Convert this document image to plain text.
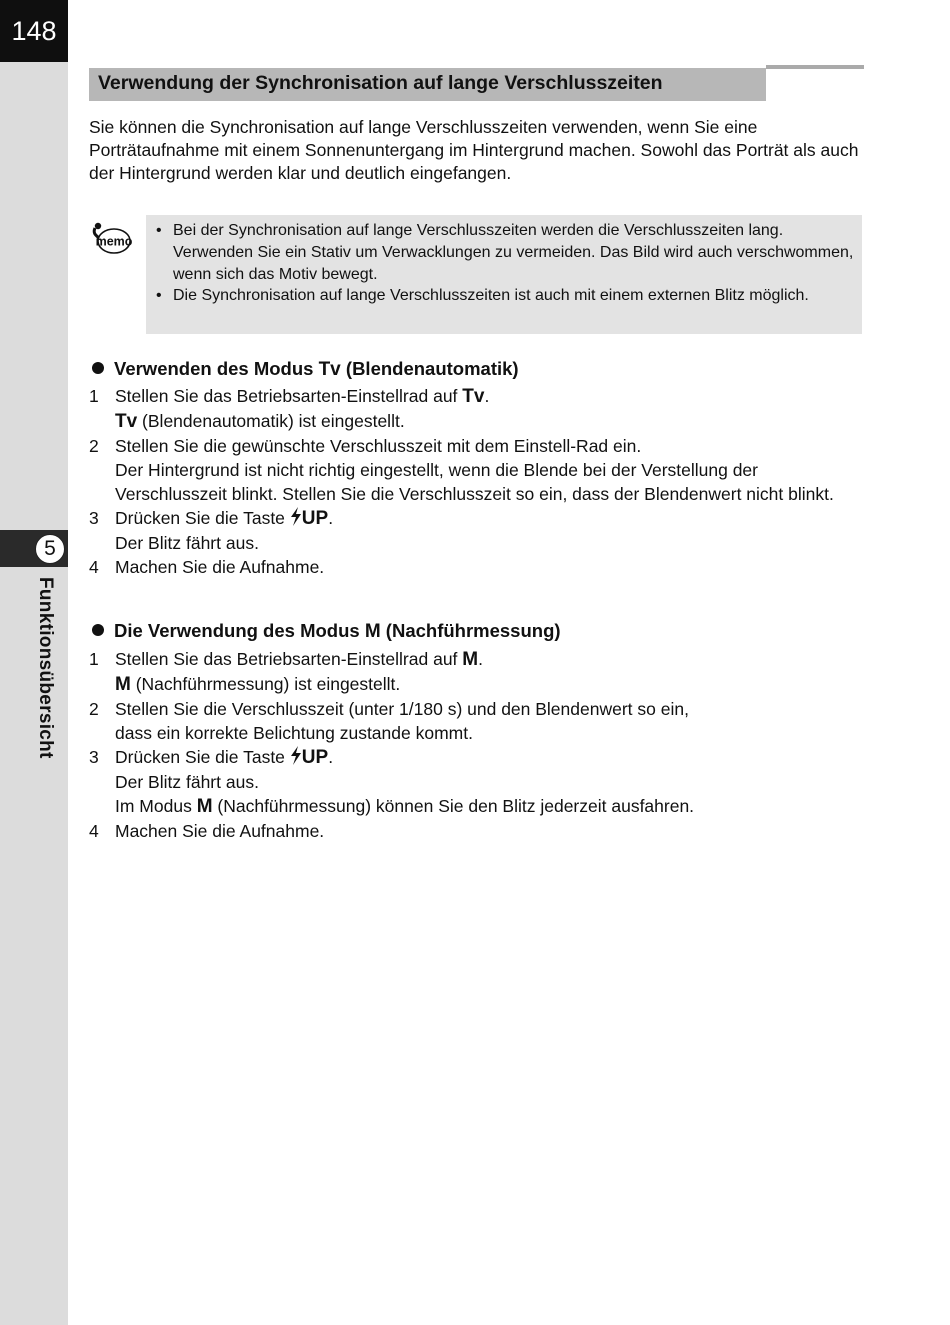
148
5
Funktionsübersicht
Verwendung der Synchronisation auf lange Verschlusszeiten
Sie können die Synchronisation auf lange Verschlusszeiten verwenden, wenn Sie eine Porträtaufnahme mit einem Sonnenuntergang im Hintergrund machen. Sowohl das Porträt als auch der Hintergrund werden klar und deutlich eingefangen.
memo
• Bei der Synchronisation auf lange Verschlusszeiten werden die Verschlusszeiten lang. Verwenden Sie ein Stativ um Verwacklungen zu vermeiden. Das Bild wird auch verschwommen, wenn sich das Motiv bewegt.
• Die Synchronisation auf lange Verschlusszeiten ist auch mit einem externen Blitz möglich.
Verwenden des Modus Tv (Blendenautomatik)
1 Stellen Sie das Betriebsarten-Einstellrad auf Tv.
Tv (Blendenautomatik) ist eingestellt.
2 Stellen Sie die gewünschte Verschlusszeit mit dem Einstell-Rad ein.
Der Hintergrund ist nicht richtig eingestellt, wenn die Blende bei der Verstellung der Verschlusszeit blinkt. Stellen Sie die Verschlusszeit so ein, dass der Blendenwert nicht blinkt.
3 Drücken Sie die Taste UP.
Der Blitz fährt aus.
4 Machen Sie die Aufnahme.
Die Verwendung des Modus M (Nachführmessung)
1 Stellen Sie das Betriebsarten-Einstellrad auf M.
M (Nachführmessung) ist eingestellt.
2 Stellen Sie die Verschlusszeit (unter 1/180 s) und den Blendenwert so ein,
dass ein korrekte Belichtung zustande kommt.
3 Drücken Sie die Taste UP.
Der Blitz fährt aus.
Im Modus M (Nachführmessung) können Sie den Blitz jederzeit ausfahren.
4 Machen Sie die Aufnahme.
